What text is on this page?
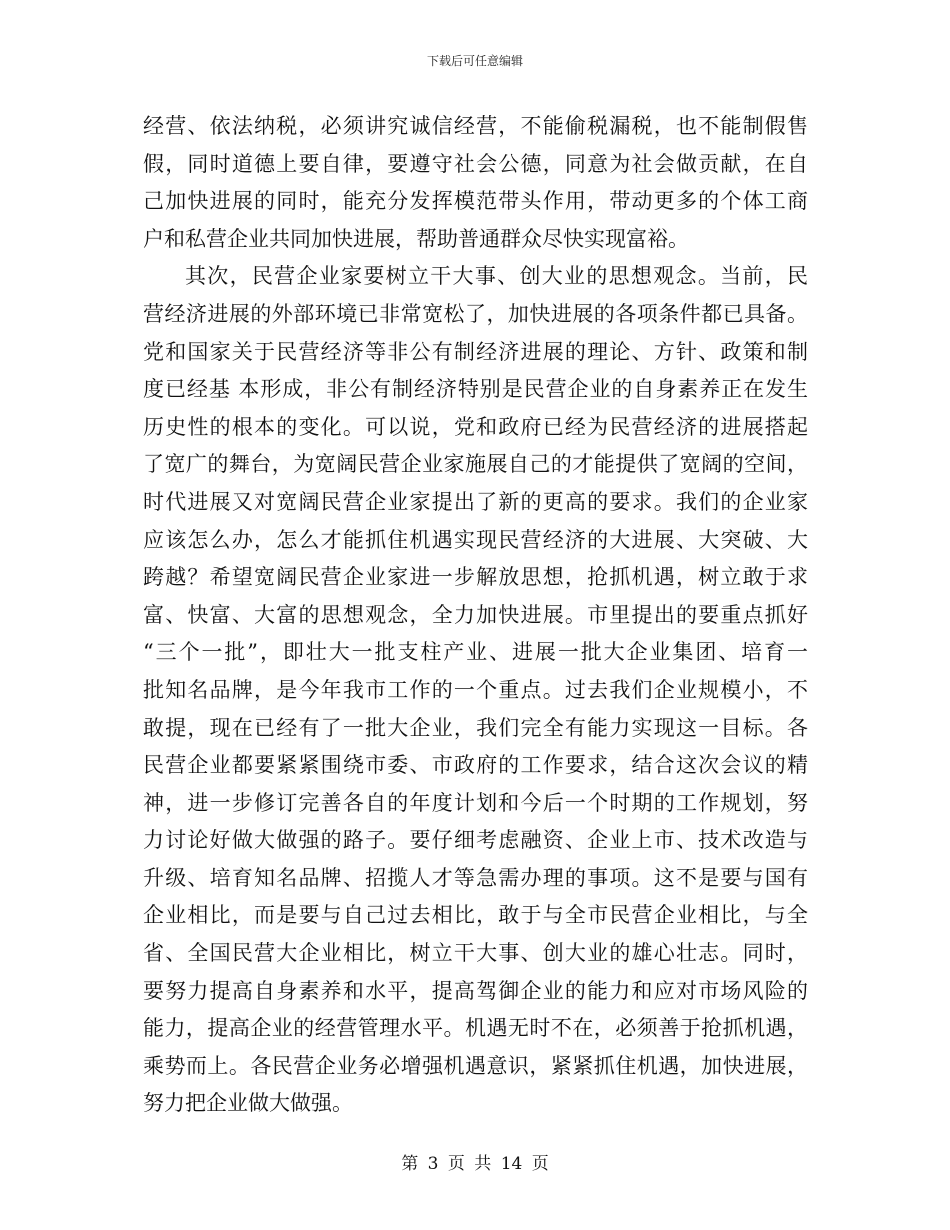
下载后可任意编辑
经营、依法纳税，必须讲究诚信经营，不能偷税漏税，也不能制假售
假，同时道德上要自律，要遵守社会公德，同意为社会做贡献，在自
己加快进展的同时，能充分发挥模范带头作用，带动更多的个体工商
户和私营企业共同加快进展，帮助普通群众尽快实现富裕。
其次，民营企业家要树立干大事、创大业的思想观念。当前，民
营经济进展的外部环境已非常宽松了，加快进展的各项条件都已具备。
党和国家关于民营经济等非公有制经济进展的理论、方针、政策和制
度已经基 本形成，非公有制经济特别是民营企业的自身素养正在发生
历史性的根本的变化。可以说，党和政府已经为民营经济的进展搭起
了宽广的舞台，为宽阔民营企业家施展自己的才能提供了宽阔的空间，
时代进展又对宽阔民营企业家提出了新的更高的要求。我们的企业家
应该怎么办，怎么才能抓住机遇实现民营经济的大进展、大突破、大
跨越？希望宽阔民营企业家进一步解放思想，抢抓机遇，树立敢于求
富、快富、大富的思想观念，全力加快进展。市里提出的要重点抓好
“三个一批”，即壮大一批支柱产业、进展一批大企业集团、培育一
批知名品牌，是今年我市工作的一个重点。过去我们企业规模小，不
敢提，现在已经有了一批大企业，我们完全有能力实现这一目标。各
民营企业都要紧紧围绕市委、市政府的工作要求，结合这次会议的精
神，进一步修订完善各自的年度计划和今后一个时期的工作规划，努
力讨论好做大做强的路子。要仔细考虑融资、企业上市、技术改造与
升级、培育知名品牌、招揽人才等急需办理的事项。这不是要与国有
企业相比，而是要与自己过去相比，敢于与全市民营企业相比，与全
省、全国民营大企业相比，树立干大事、创大业的雄心壮志。同时，
要努力提高自身素养和水平，提高驾御企业的能力和应对市场风险的
能力，提高企业的经营管理水平。机遇无时不在，必须善于抢抓机遇，
乘势而上。各民营企业务必增强机遇意识，紧紧抓住机遇，加快进展，
努力把企业做大做强。
第 3 页 共 14 页
